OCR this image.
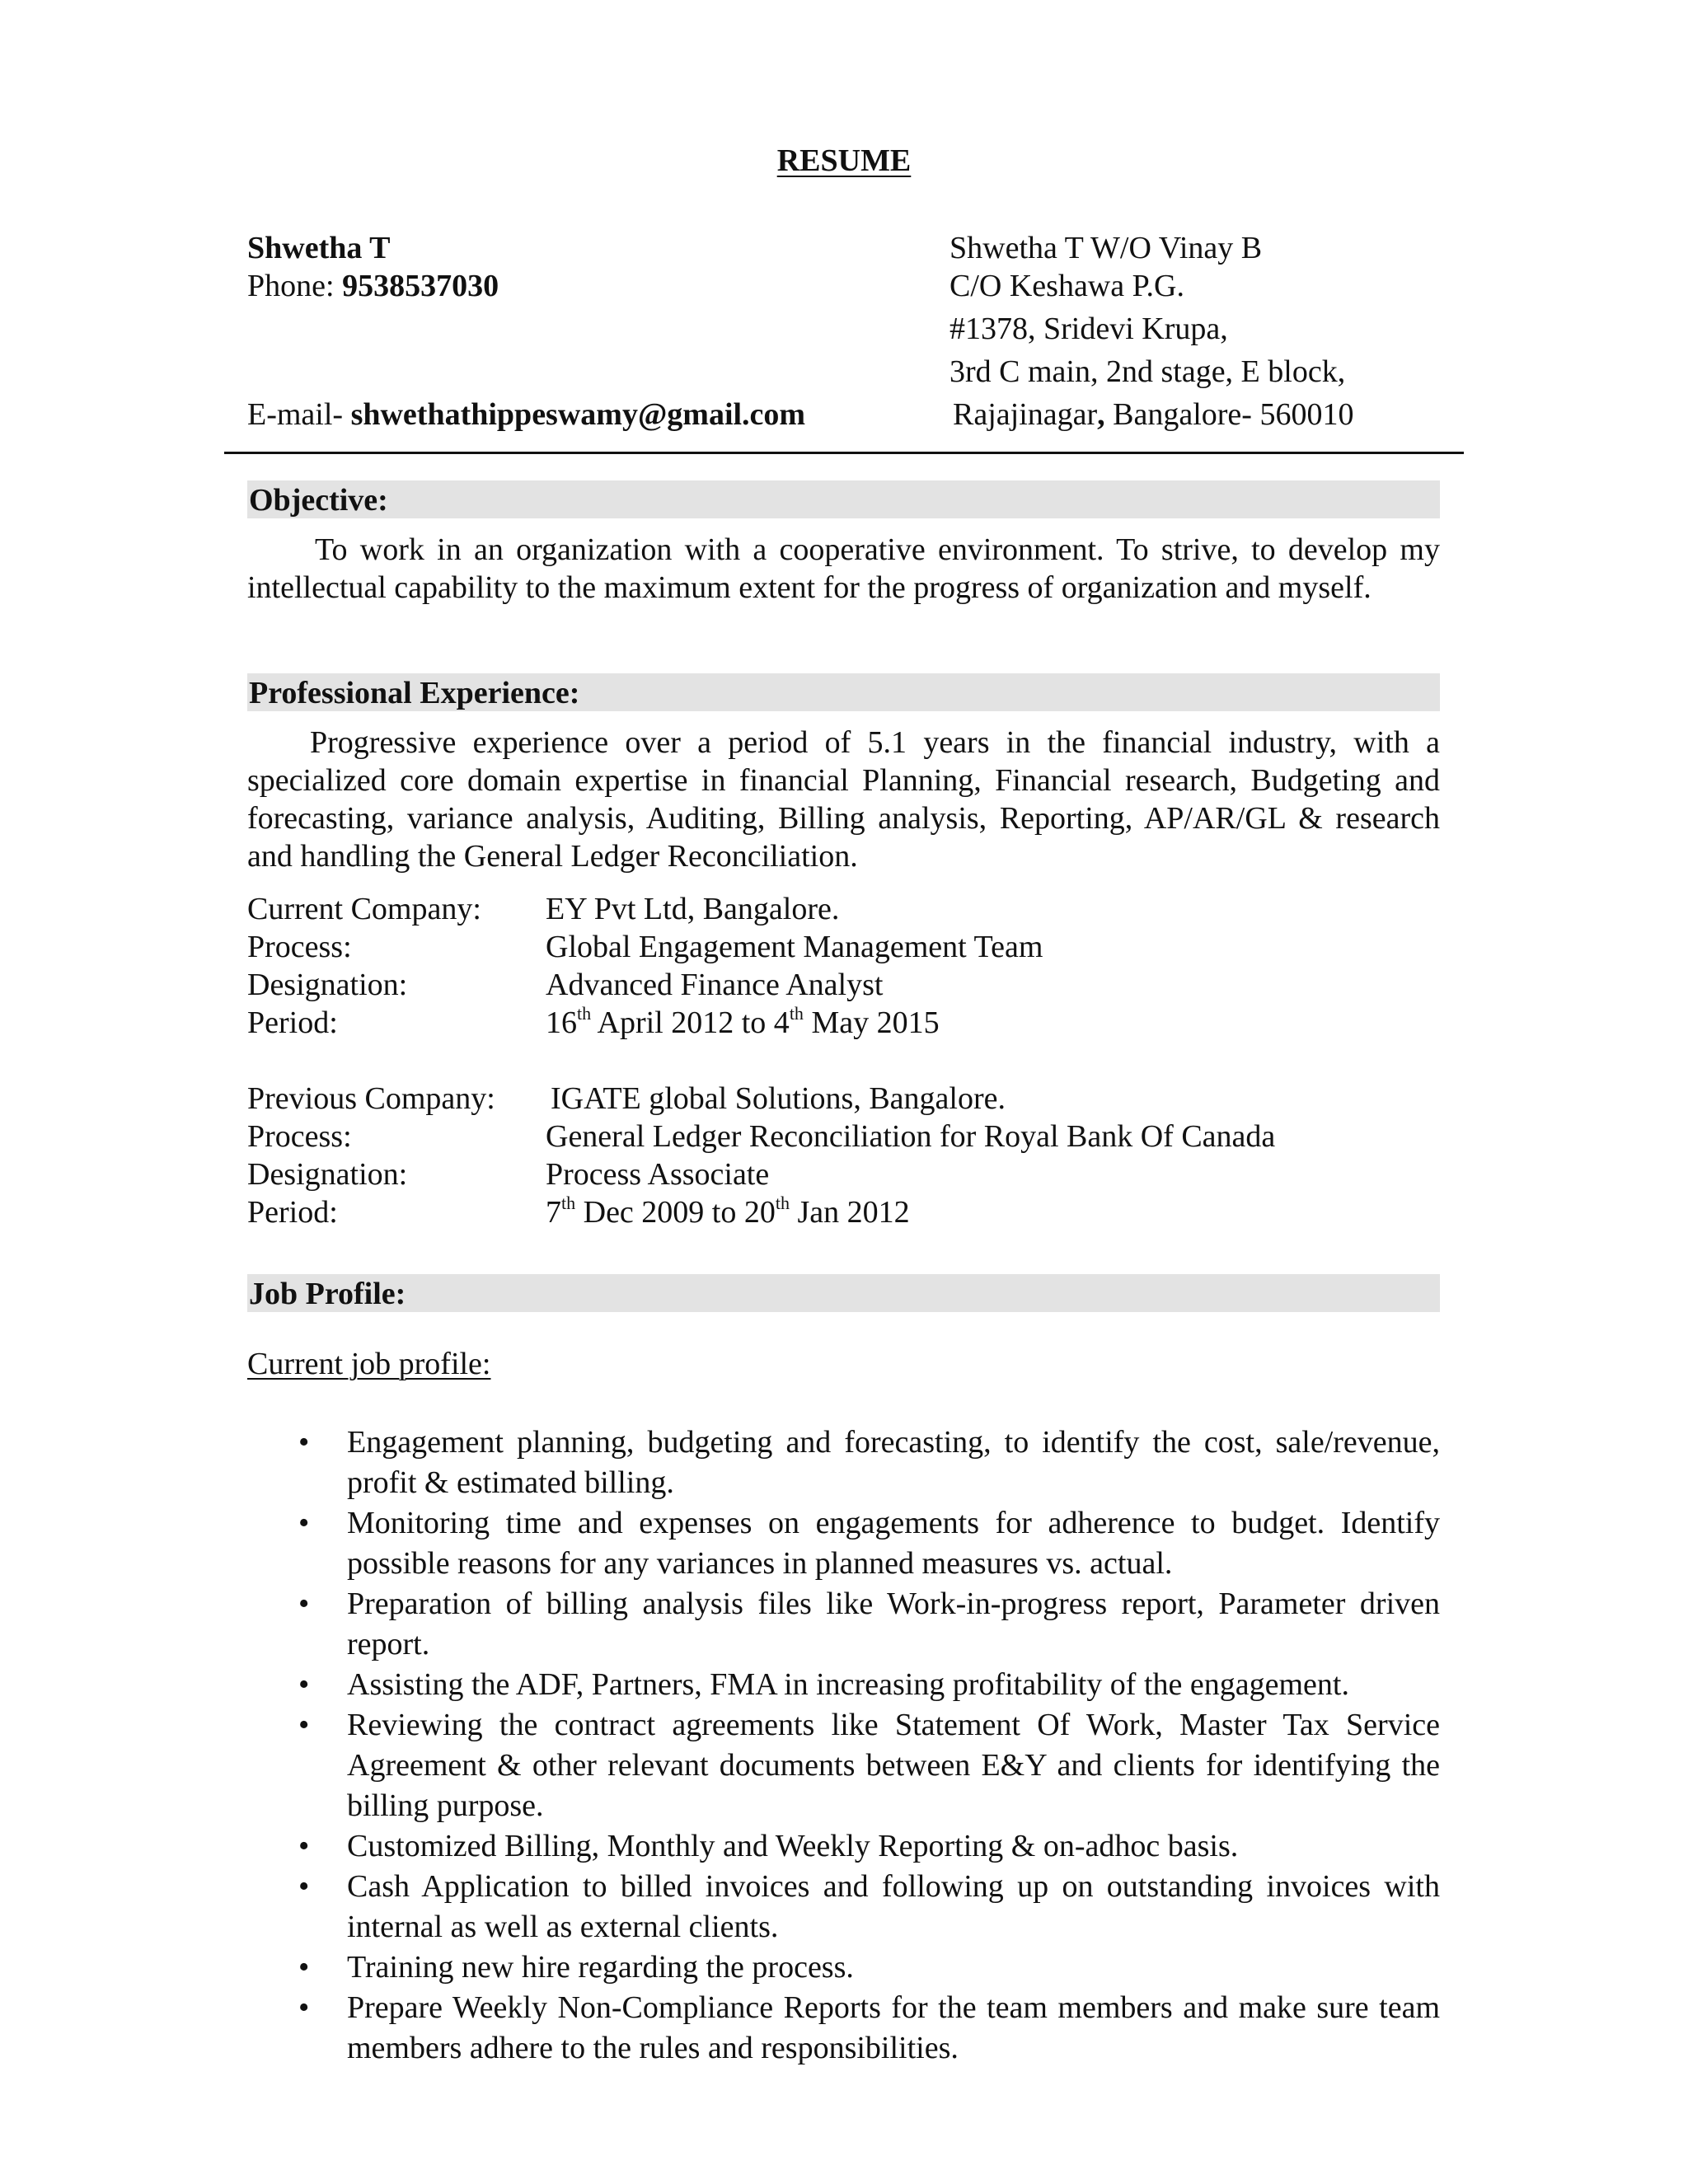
RESUME
Shwetha T
Phone: 9538537030
E-mail- shwethathippeswamy@gmail.com
Shwetha T W/O Vinay B
C/O Keshawa P.G.
#1378, Sridevi Krupa,
3rd C main, 2nd stage, E block,
Rajajinagar, Bangalore- 560010
Objective:
To work in an organization with a cooperative environment. To strive, to develop my intellectual capability to the maximum extent for the progress of organization and myself.
Professional Experience:
Progressive experience over a period of 5.1 years in the financial industry, with a specialized core domain expertise in financial Planning, Financial research, Budgeting and forecasting, variance analysis, Auditing, Billing analysis, Reporting, AP/AR/GL & research and handling the General Ledger Reconciliation.
Current Company: EY Pvt Ltd, Bangalore.
Process:	Global Engagement Management Team
Designation:	Advanced Finance Analyst
Period:	16th April 2012 to 4th May 2015
Previous Company: IGATE global Solutions, Bangalore.
Process:	General Ledger Reconciliation for Royal Bank Of Canada
Designation:	Process Associate
Period:	7th Dec 2009 to 20th Jan 2012
Job Profile:
Current job profile:
• Engagement planning, budgeting and forecasting, to identify the cost, sale/revenue, profit & estimated billing.
• Monitoring time and expenses on engagements for adherence to budget. Identify possible reasons for any variances in planned measures vs. actual.
• Preparation of billing analysis files like Work-in-progress report, Parameter driven report.
• Assisting the ADF, Partners, FMA in increasing profitability of the engagement.
• Reviewing the contract agreements like Statement Of Work, Master Tax Service Agreement & other relevant documents between E&Y and clients for identifying the billing purpose.
• Customized Billing, Monthly and Weekly Reporting & on-adhoc basis.
• Cash Application to billed invoices and following up on outstanding invoices with internal as well as external clients.
• Training new hire regarding the process.
• Prepare Weekly Non-Compliance Reports for the team members and make sure team members adhere to the rules and responsibilities.
